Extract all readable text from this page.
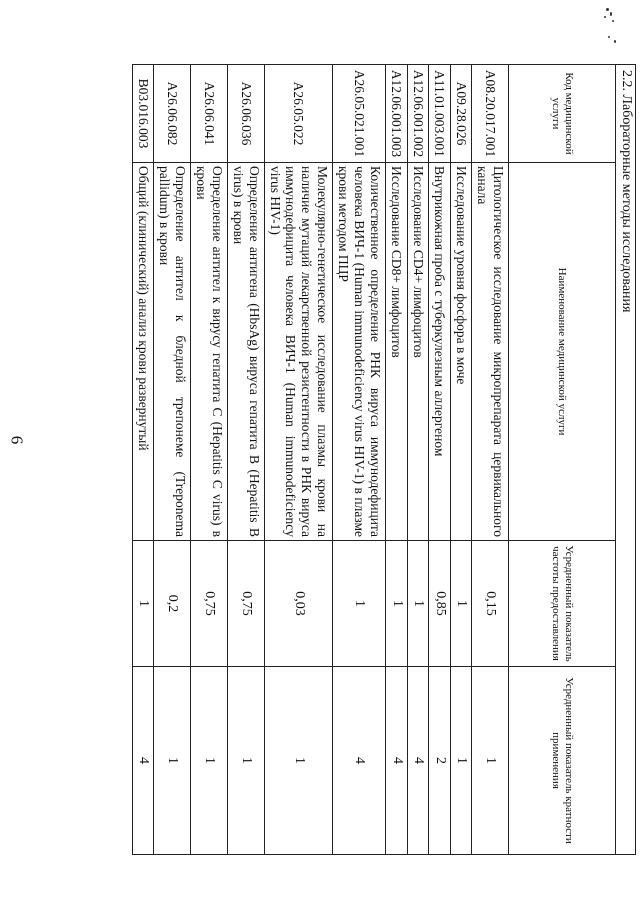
6
2.2. Лабораторные методы исследования			
Код медицинской услуги	Наименование медицинской услуги	Усредненный показатель частоты предоставления	Усредненный показатель кратности применения
A08.20.017.001	Цитологическое исследование микропрепарата цервикального канала	0,15	1
A09.28.026	Исследование уровня фосфора в моче	1	1
A11.01.003.001	Внутрикожная проба с туберкулезным аллергеном	0,85	2
A12.06.001.002	Исследование CD4+ лимфоцитов	1	4
A12.06.001.003	Исследование CD8+ лимфоцитов	1	4
A26.05.021.001	Количественное определение РНК вируса иммунодефицита человека ВИЧ-1 (Human immunodeficiency virus HIV-1) в плазме крови методом ПЦР	1	4
A26.05.022	Молекулярно-генетическое исследование плазмы крови на наличие мутаций лекарственной резистентности в РНК вируса иммунодефицита человека ВИЧ-1 (Human immunodeficiency virus HIV-1)	0,03	1
A26.06.036	Определение антигена (HbsAg) вируса гепатита В (Hepatitis В virus) в крови	0,75	1
A26.06.041	Определение антител к вирусу гепатита С (Hepatitis С virus) в крови	0,75	1
A26.06.082	Определение антител к бледной трепонеме (Treponema pallidum) в крови	0,2	1
B03.016.003	Общий (клинический) анализ крови развернутый	1	4
